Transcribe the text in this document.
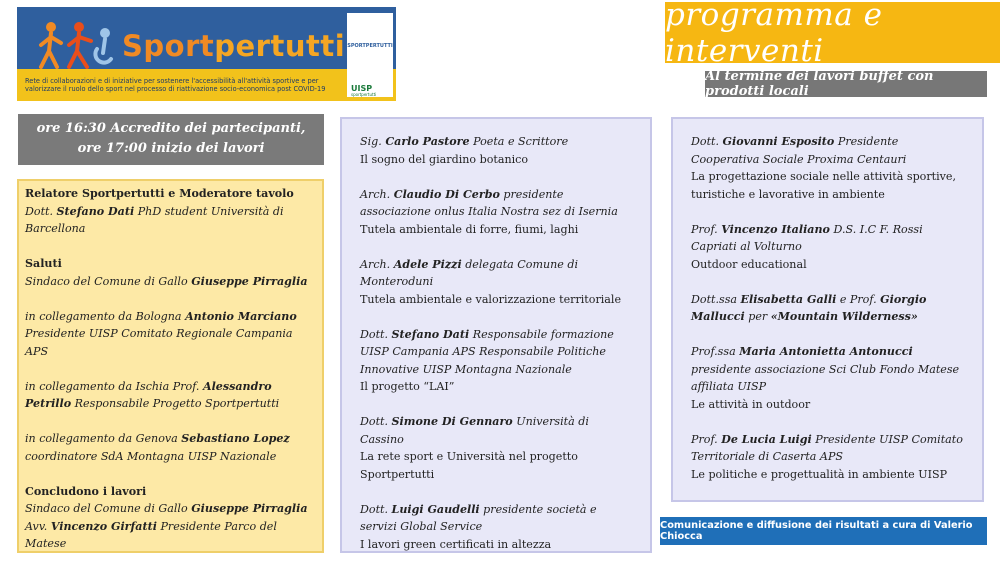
Sportpertutti
Rete di collaborazioni e di iniziative per sostenere l'accessibilità all'attività sportive e per valorizzare il ruolo dello sport nel processo di riattivazione socio-economica post COVID-19
SPORTPERTUTTI
UISP
sportpertutti
programma e interventi
Al termine dei lavori buffet con prodotti locali
ore 16:30 Accredito dei partecipanti,
ore 17:00 inizio dei lavori

Relatore Sportpertutti e Moderatore tavolo

Dott. Stefano Dati PhD student Università di Barcellona

Saluti

Sindaco del Comune di Gallo Giuseppe Pirraglia

in collegamento da Bologna Antonio Marciano Presidente UISP Comitato Regionale Campania APS

in collegamento da Ischia Prof. Alessandro Petrillo Responsabile Progetto Sportpertutti

in collegamento da Genova Sebastiano Lopez coordinatore SdA Montagna UISP Nazionale

Concludono i lavori

Sindaco del Comune di Gallo Giuseppe Pirraglia

Avv. Vincenzo Girfatti Presidente Parco del Matese

Sig. Carlo Pastore Poeta e Scrittore

Il sogno del giardino botanico

Arch. Claudio Di Cerbo presidente associazione onlus Italia Nostra sez di Isernia

Tutela ambientale di forre, fiumi, laghi

Arch. Adele Pizzi delegata Comune di Monteroduni

Tutela ambientale e valorizzazione territoriale

Dott. Stefano Dati Responsabile formazione UISP Campania APS Responsabile Politiche Innovative UISP Montagna Nazionale

Il progetto “LAI”

Dott. Simone Di Gennaro Università di Cassino

La rete sport e Università nel progetto Sportpertutti

Dott. Luigi Gaudelli presidente società e servizi Global Service

I lavori green certificati in altezza

Dott. Giovanni Esposito Presidente Cooperativa Sociale Proxima Centauri

La progettazione sociale nelle attività sportive, turistiche e lavorative in ambiente

Prof. Vincenzo Italiano D.S. I.C F. Rossi Capriati al Volturno

Outdoor educational

Dott.ssa Elisabetta Galli e Prof. Giorgio Mallucci per «Mountain Wilderness»

Prof.ssa Maria Antonietta Antonucci presidente associazione Sci Club Fondo Matese affiliata UISP

Le attività in outdoor

Prof. De Lucia Luigi Presidente UISP Comitato Territoriale di Caserta APS

Le politiche e progettualità in ambiente UISP

Comunicazione e diffusione dei risultati a cura di Valerio Chiocca
